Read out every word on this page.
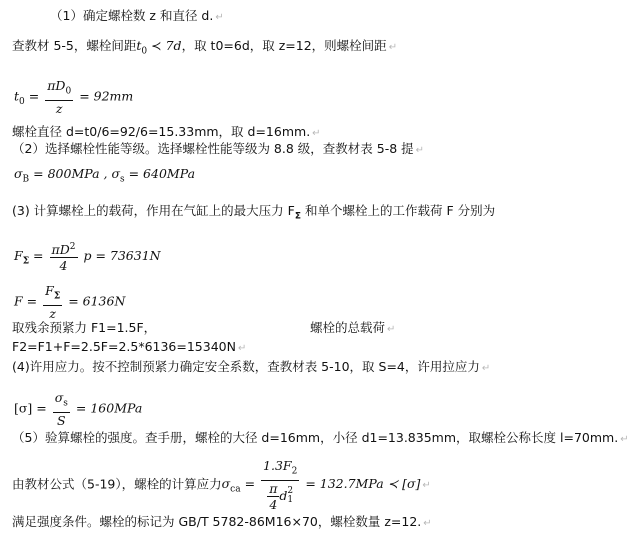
（1）确定螺栓数 z 和直径 d. ↵
查教材 5-5，螺栓间距$t_0$ ≺ 7d，取 t0=6d，取 z=12，则螺栓间距 ↵
$t_0 = \frac{\pi D_0}{z} = 92mm$
螺栓直径 d=t0/6=92/6=15.33mm，取 d=16mm. ↵
（2）选择螺栓性能等级。选择螺栓性能等级为 8.8 级，查教材表 5-8 提 ↵
$\sigma_B = 800MPa$ , $\sigma_s = 640MPa$
(3) 计算螺栓上的载荷，作用在气缸上的最大压力 $F_\Sigma$ 和单个螺栓上的工作载荷 F 分别为
$F_\Sigma = \frac{\pi D^2}{4}$ p = 73631N
$F = \frac{F_\Sigma}{z} = 6136N$
取残余预紧力 F1=1.5F，	螺栓的总载荷 ↵
F2=F1+F=2.5F=2.5*6136=15340N ↵
(4)许用应力。按不控制预紧力确定安全系数，查教材表 5-10，取 S=4，许用拉应力 ↵
$[\sigma] = \frac{\sigma_s}{S} = 160MPa$
（5）验算螺栓的强度。查手册，螺栓的大径 d=16mm，小径 d1=13.835mm，取螺栓公称长度 l=70mm. ↵
由教材公式（5-19），螺栓的计算应力$\sigma_{ca} = 1.3F_2$
$\frac{\pi}{4}$ d 2
1 = 132.7MPa ≺ [σ] ↵
满足强度条件。螺栓的标记为 GB/T 5782-86M16×70，螺栓数量 z=12. ↵
